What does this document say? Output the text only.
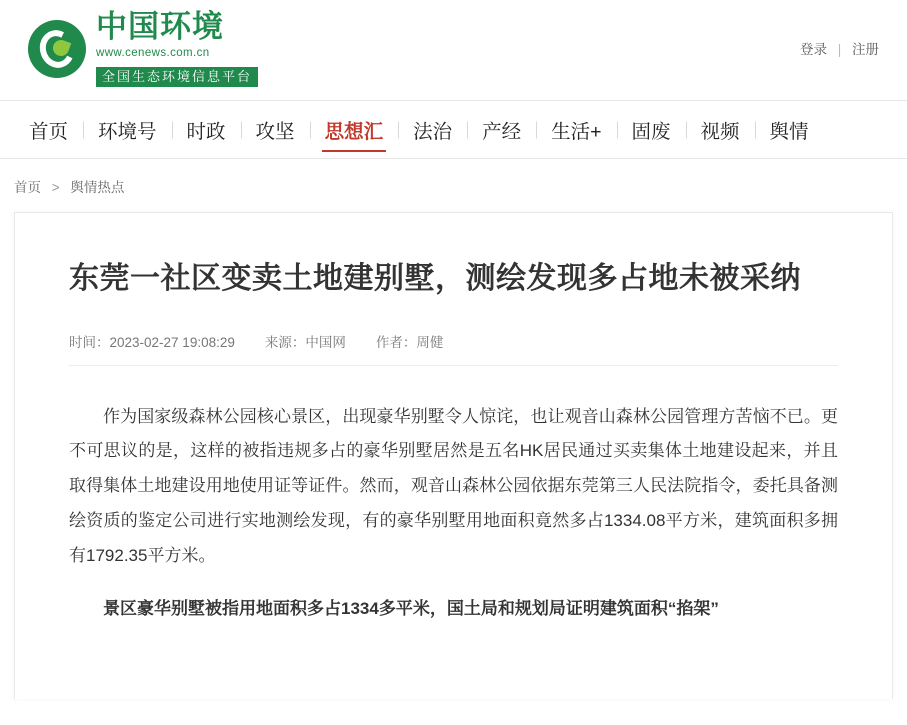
中国环境
www.cenews.com.cn
全国生态环境信息平台
登录 | 注册
首页 环境号 时政 攻坚 思想汇 法治 产经 生活+ 固废 视频 舆情
首页 > 舆情热点
东莞一社区变卖土地建别墅，测绘发现多占地未被采纳
时间：2023-02-27 19:08:29 来源：中国网 作者：周健

作为国家级森林公园核心景区，出现豪华别墅令人惊诧，也让观音山森林公园管理方苦恼不已。更不可思议的是，这样的被指违规多占的豪华别墅居然是五名HK居民通过买卖集体土地建设起来，并且取得集体土地建设用地使用证等证件。然而，观音山森林公园依据东莞第三人民法院指令，委托具备测绘资质的鉴定公司进行实地测绘发现，有的豪华别墅用地面积竟然多占1334.08平方米，建筑面积多拥有1792.35平方米。

景区豪华别墅被指用地面积多占1334多平米，国土局和规划局证明建筑面积“掐架”
